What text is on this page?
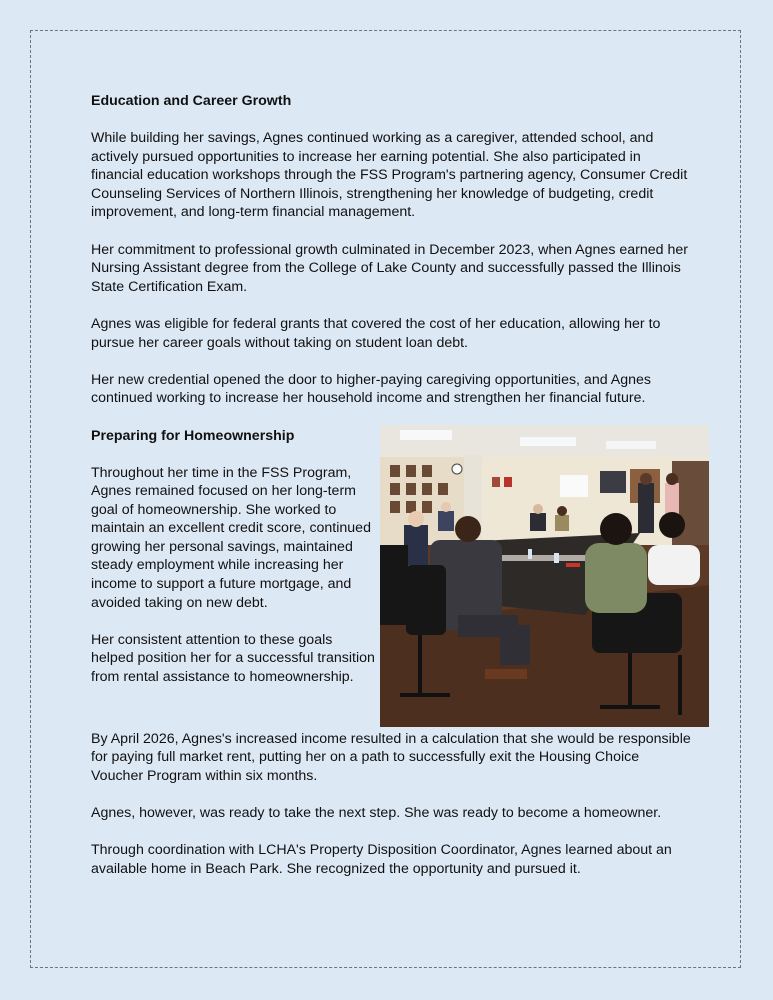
Education and Career Growth

While building her savings, Agnes continued working as a caregiver, attended school, and actively pursued opportunities to increase her earning potential. She also participated in financial education workshops through the FSS Program's partnering agency, Consumer Credit Counseling Services of Northern Illinois, strengthening her knowledge of budgeting, credit improvement, and long-term financial management.

Her commitment to professional growth culminated in December 2023, when Agnes earned her Nursing Assistant degree from the College of Lake County and successfully passed the Illinois State Certification Exam.

Agnes was eligible for federal grants that covered the cost of her education, allowing her to pursue her career goals without taking on student loan debt.

Her new credential opened the door to higher-paying caregiving opportunities, and Agnes continued working to increase her household income and strengthen her financial future.

Preparing for Homeownership

Throughout her time in the FSS Program, Agnes remained focused on her long-term goal of homeownership. She worked to maintain an excellent credit score, continued growing her personal savings, maintained steady employment while increasing her income to support a future mortgage, and avoided taking on new debt.

Her consistent attention to these goals helped position her for a successful transition from rental assistance to homeownership.

By April 2026, Agnes's increased income resulted in a calculation that she would be responsible for paying full market rent, putting her on a path to successfully exit the Housing Choice Voucher Program within six months.

Agnes, however, was ready to take the next step. She was ready to become a homeowner.

Through coordination with LCHA's Property Disposition Coordinator, Agnes learned about an available home in Beach Park. She recognized the opportunity and pursued it.
